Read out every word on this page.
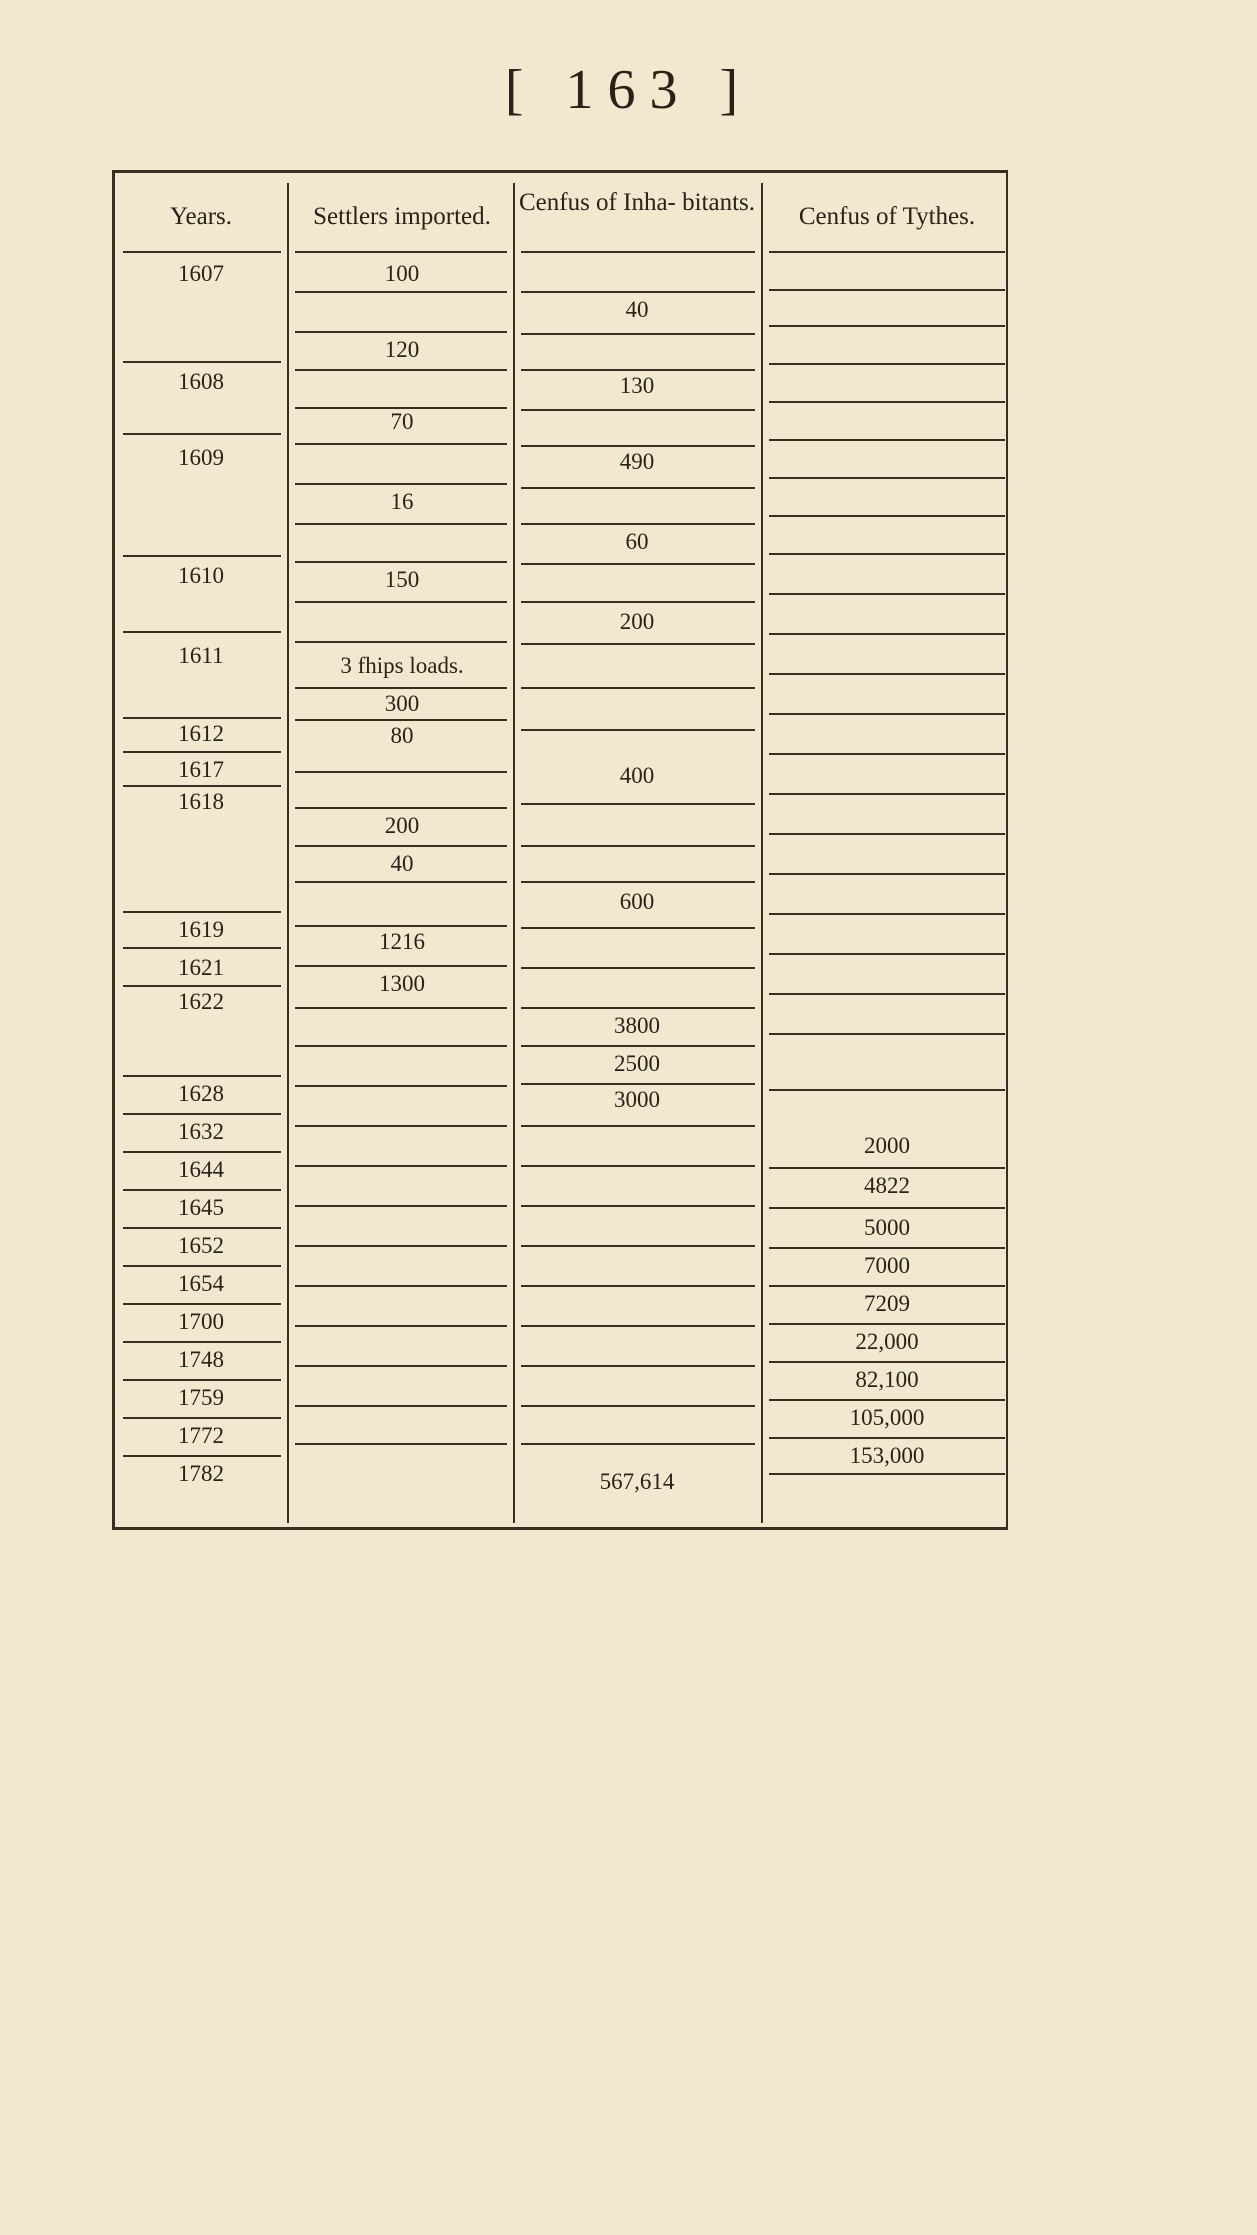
[ 163 ]
Years.	Settlers imported.
Cenfus of Inha- bitants.
Cenfus of Tythes.
1607
1608
1609
1610
1611
1612
1617
1618
1619
1621
1622
1628
1632
1644
1645
1652
1654
1700
1748
1759
1772
1782
100
120
70
16
150
3 fhips loads.
300
80
200
40
1216
1300
40
130
490
60
200
400
600
3800
2500
3000
567,614
2000
4822
5000
7000
7209
22,000
82,100
105,000
153,000
